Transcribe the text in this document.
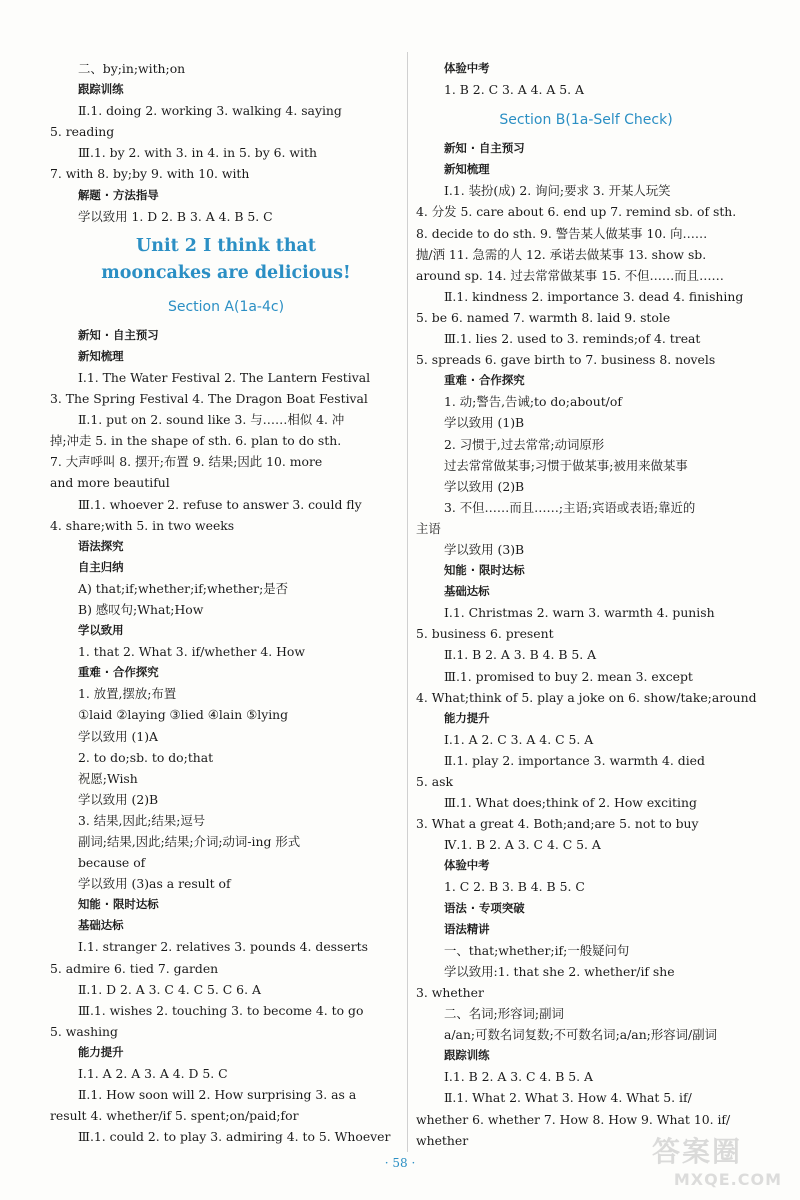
二、by;in;with;on
跟踪训练
Ⅱ.1. doing 2. working 3. walking 4. saying
5. reading
Ⅲ.1. by 2. with 3. in 4. in 5. by 6. with
7. with 8. by;by 9. with 10. with
解题 · 方法指导
学以致用 1. D 2. B 3. A 4. B 5. C
Unit 2 I think that
mooncakes are delicious!
Section A(1a-4c)
新知 · 自主预习
新知梳理
Ⅰ.1. The Water Festival 2. The Lantern Festival
3. The Spring Festival 4. The Dragon Boat Festival
Ⅱ.1. put on 2. sound like 3. 与……相似 4. 冲
掉;冲走 5. in the shape of sth. 6. plan to do sth.
7. 大声呼叫 8. 摆开;布置 9. 结果;因此 10. more
and more beautiful
Ⅲ.1. whoever 2. refuse to answer 3. could fly
4. share;with 5. in two weeks
语法探究
自主归纳
A) that;if;whether;if;whether;是否
B) 感叹句;What;How
学以致用
1. that 2. What 3. if/whether 4. How
重难 · 合作探究
1. 放置,摆放;布置
①laid ②laying ③lied ④lain ⑤lying
学以致用 (1)A
2. to do;sb. to do;that
祝愿;Wish
学以致用 (2)B
3. 结果,因此;结果;逗号
副词;结果,因此;结果;介词;动词-ing 形式
because of
学以致用 (3)as a result of
知能 · 限时达标
基础达标
Ⅰ.1. stranger 2. relatives 3. pounds 4. desserts
5. admire 6. tied 7. garden
Ⅱ.1. D 2. A 3. C 4. C 5. C 6. A
Ⅲ.1. wishes 2. touching 3. to become 4. to go
5. washing
能力提升
Ⅰ.1. A 2. A 3. A 4. D 5. C
Ⅱ.1. How soon will 2. How surprising 3. as a
result 4. whether/if 5. spent;on/paid;for
Ⅲ.1. could 2. to play 3. admiring 4. to 5. Whoever
体验中考
1. B 2. C 3. A 4. A 5. A
Section B(1a-Self Check)
新知 · 自主预习
新知梳理
Ⅰ.1. 装扮(成) 2. 询问;要求 3. 开某人玩笑
4. 分发 5. care about 6. end up 7. remind sb. of sth.
8. decide to do sth. 9. 警告某人做某事 10. 向……
抛/洒 11. 急需的人 12. 承诺去做某事 13. show sb.
around sp. 14. 过去常常做某事 15. 不但……而且……
Ⅱ.1. kindness 2. importance 3. dead 4. finishing
5. be 6. named 7. warmth 8. laid 9. stole
Ⅲ.1. lies 2. used to 3. reminds;of 4. treat
5. spreads 6. gave birth to 7. business 8. novels
重难 · 合作探究
1. 动;警告,告诫;to do;about/of
学以致用 (1)B
2. 习惯于,过去常常;动词原形
过去常常做某事;习惯于做某事;被用来做某事
学以致用 (2)B
3. 不但……而且……;主语;宾语或表语;靠近的
主语
学以致用 (3)B
知能 · 限时达标
基础达标
Ⅰ.1. Christmas 2. warn 3. warmth 4. punish
5. business 6. present
Ⅱ.1. B 2. A 3. B 4. B 5. A
Ⅲ.1. promised to buy 2. mean 3. except
4. What;think of 5. play a joke on 6. show/take;around
能力提升
Ⅰ.1. A 2. C 3. A 4. C 5. A
Ⅱ.1. play 2. importance 3. warmth 4. died
5. ask
Ⅲ.1. What does;think of 2. How exciting
3. What a great 4. Both;and;are 5. not to buy
Ⅳ.1. B 2. A 3. C 4. C 5. A
体验中考
1. C 2. B 3. B 4. B 5. C
语法 · 专项突破
语法精讲
一、that;whether;if;一般疑问句
学以致用:1. that she 2. whether/if she
3. whether
二、名词;形容词;副词
a/an;可数名词复数;不可数名词;a/an;形容词/副词
跟踪训练
Ⅰ.1. B 2. A 3. C 4. B 5. A
Ⅱ.1. What 2. What 3. How 4. What 5. if/
whether 6. whether 7. How 8. How 9. What 10. if/
whether
· 58 ·	答案圈
MXQE.COM
